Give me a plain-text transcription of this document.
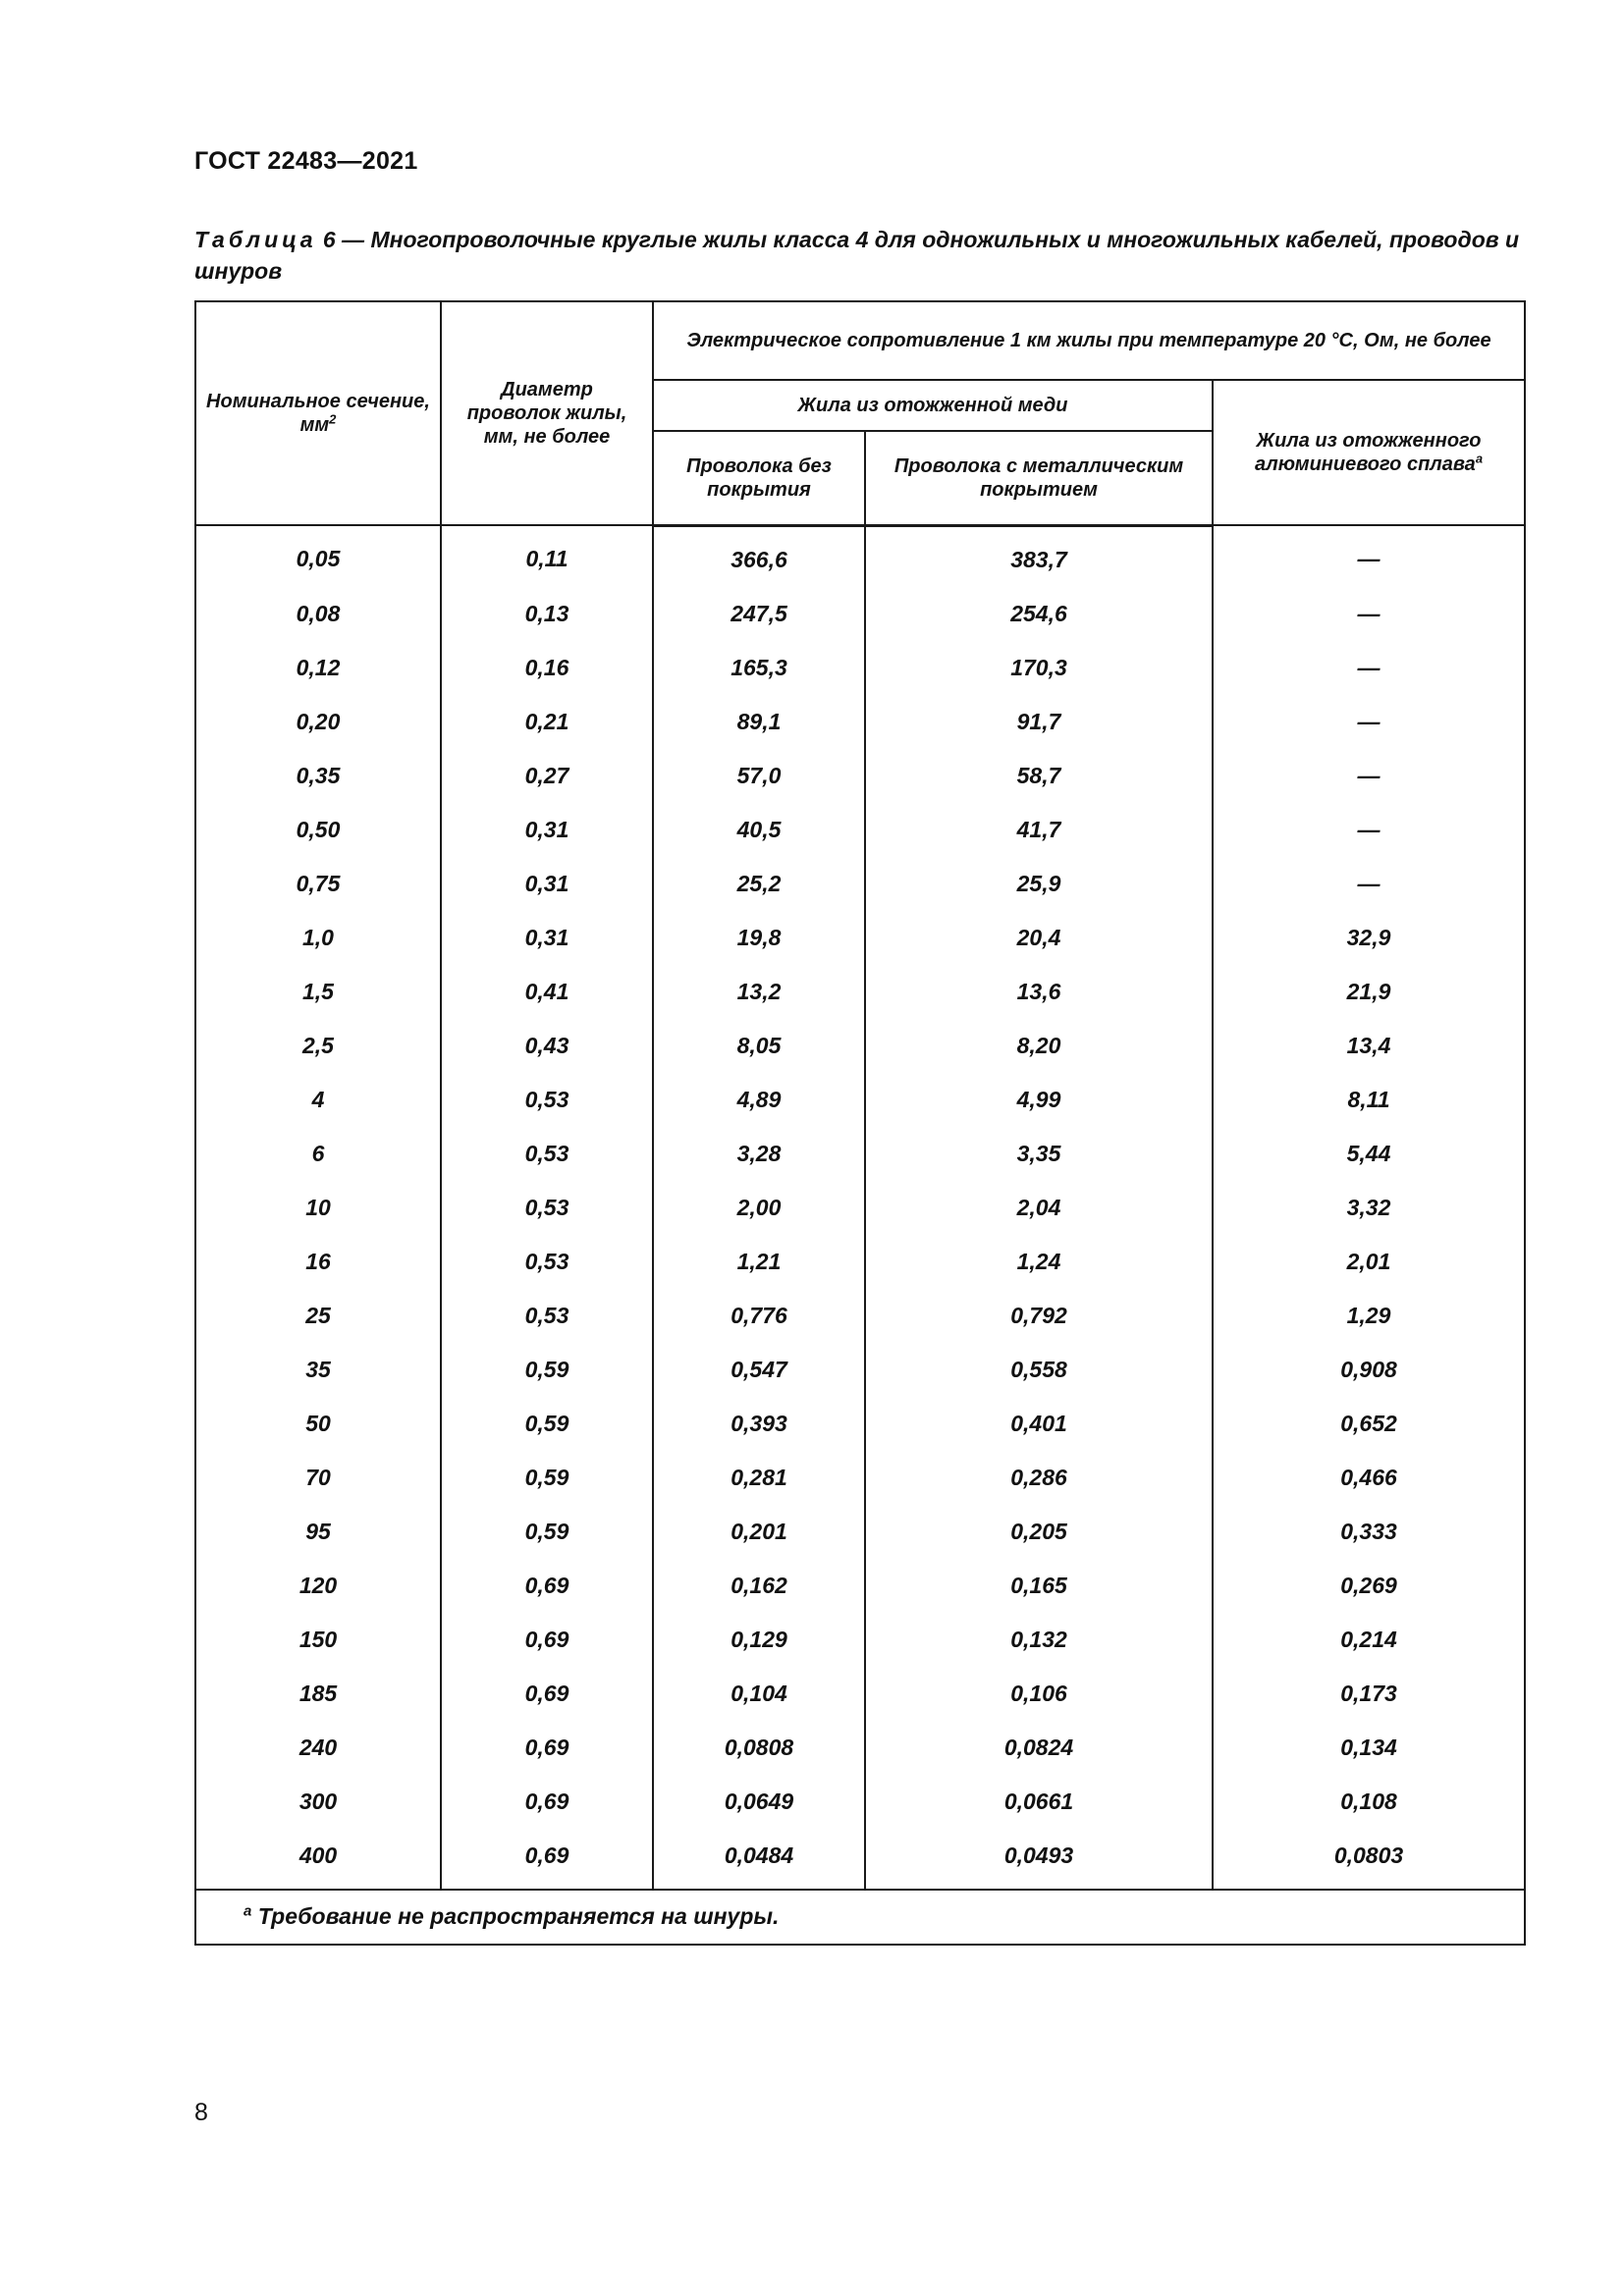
ГОСТ 22483—2021
Таблица 6 — Многопроволочные круглые жилы класса 4 для одножильных и многожильных кабелей, проводов и шнуров
Номинальное сечение, $мм^2$	Диаметр проволок жилы, мм, не более	Электрическое сопротивление 1 км жилы при температуре 20 °С, Ом, не более		
		Жила из отожженной меди		Жила из отожженного алюминиевого сплава$^а$
		Проволока без покрытия	Проволока с металлическим покрытием	
0,05	0,11	366,6	383,7	—
0,08	0,13	247,5	254,6	—
0,12	0,16	165,3	170,3	—
0,20	0,21	89,1	91,7	—
0,35	0,27	57,0	58,7	—
0,50	0,31	40,5	41,7	—
0,75	0,31	25,2	25,9	—
1,0	0,31	19,8	20,4	32,9
1,5	0,41	13,2	13,6	21,9
2,5	0,43	8,05	8,20	13,4
4	0,53	4,89	4,99	8,11
6	0,53	3,28	3,35	5,44
10	0,53	2,00	2,04	3,32
16	0,53	1,21	1,24	2,01
25	0,53	0,776	0,792	1,29
35	0,59	0,547	0,558	0,908
50	0,59	0,393	0,401	0,652
70	0,59	0,281	0,286	0,466
95	0,59	0,201	0,205	0,333
120	0,69	0,162	0,165	0,269
150	0,69	0,129	0,132	0,214
185	0,69	0,104	0,106	0,173
240	0,69	0,0808	0,0824	0,134
300	0,69	0,0649	0,0661	0,108
400	0,69	0,0484	0,0493	0,0803
$^а$ Требование не распространяется на шнуры.				
8
